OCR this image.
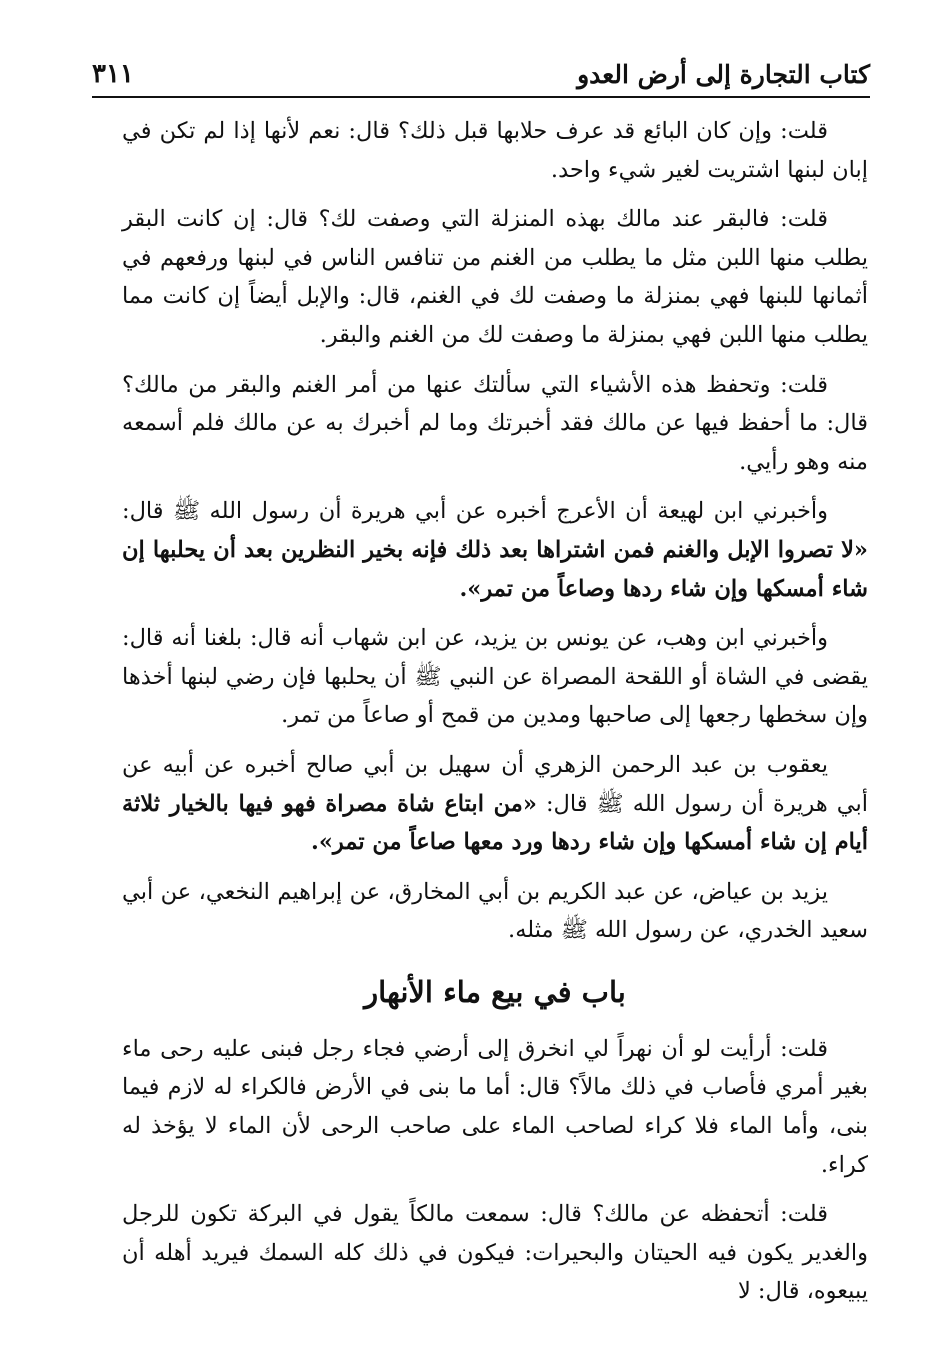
كتاب التجارة إلى أرض العدو
٣١١

قلت: وإن كان البائع قد عرف حلابها قبل ذلك؟ قال: نعم لأنها إذا لم تكن في إبان لبنها اشتريت لغير شيء واحد.

قلت: فالبقر عند مالك بهذه المنزلة التي وصفت لك؟ قال: إن كانت البقر يطلب منها اللبن مثل ما يطلب من الغنم من تنافس الناس في لبنها ورفعهم في أثمانها للبنها فهي بمنزلة ما وصفت لك في الغنم، قال: والإبل أيضاً إن كانت مما يطلب منها اللبن فهي بمنزلة ما وصفت لك من الغنم والبقر.

قلت: وتحفظ هذه الأشياء التي سألتك عنها من أمر الغنم والبقر من مالك؟ قال: ما أحفظ فيها عن مالك فقد أخبرتك وما لم أخبرك به عن مالك فلم أسمعه منه وهو رأيي.

وأخبرني ابن لهيعة أن الأعرج أخبره عن أبي هريرة أن رسول الله ﷺ قال: «لا تصروا الإبل والغنم فمن اشتراها بعد ذلك فإنه بخير النظرين بعد أن يحلبها إن شاء أمسكها وإن شاء ردها وصاعاً من تمر».

وأخبرني ابن وهب، عن يونس بن يزيد، عن ابن شهاب أنه قال: بلغنا أنه قال: يقضى في الشاة أو اللقحة المصراة عن النبي ﷺ أن يحلبها فإن رضي لبنها أخذها وإن سخطها رجعها إلى صاحبها ومدين من قمح أو صاعاً من تمر.

يعقوب بن عبد الرحمن الزهري أن سهيل بن أبي صالح أخبره عن أبيه عن أبي هريرة أن رسول الله ﷺ قال: «من ابتاع شاة مصراة فهو فيها بالخيار ثلاثة أيام إن شاء أمسكها وإن شاء ردها ورد معها صاعاً من تمر».

يزيد بن عياض، عن عبد الكريم بن أبي المخارق، عن إبراهيم النخعي، عن أبي سعيد الخدري، عن رسول الله ﷺ مثله.

باب في بيع ماء الأنهار

قلت: أرأيت لو أن نهراً لي انخرق إلى أرضي فجاء رجل فبنى عليه رحى ماء بغير أمري فأصاب في ذلك مالاً؟ قال: أما ما بنى في الأرض فالكراء له لازم فيما بنى، وأما الماء فلا كراء لصاحب الماء على صاحب الرحى لأن الماء لا يؤخذ له كراء.

قلت: أتحفظه عن مالك؟ قال: سمعت مالكاً يقول في البركة تكون للرجل والغدير يكون فيه الحيتان والبحيرات: فيكون في ذلك كله السمك فيريد أهله أن يبيعوه، قال: لا
